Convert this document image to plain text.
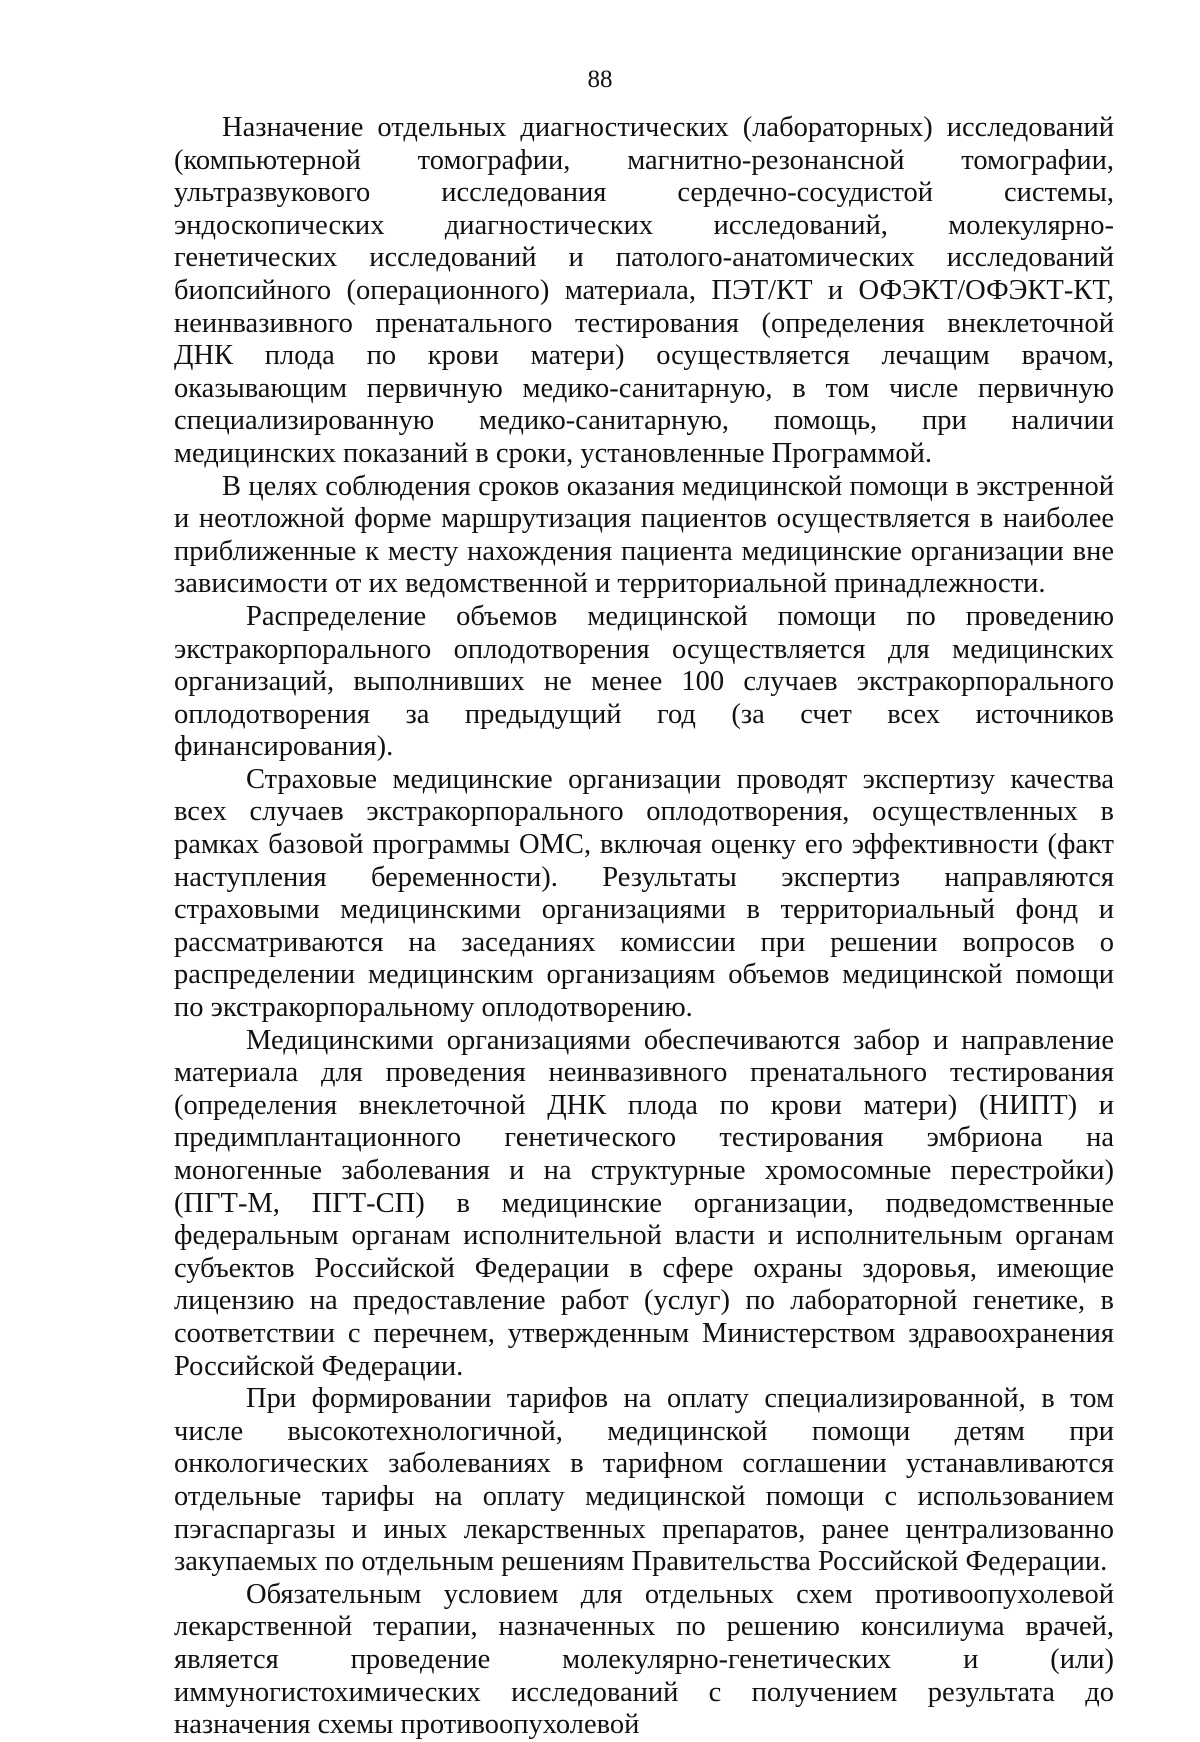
88

Назначение отдельных диагностических (лабораторных) исследований (компьютерной томографии, магнитно-резонансной томографии, ультразвукового исследования сердечно-сосудистой системы, эндоскопических диагностических исследований, молекулярно-генетических исследований и патолого-анатомических исследований биопсийного (операционного) материала, ПЭТ/КТ и ОФЭКТ/ОФЭКТ-КТ, неинвазивного пренатального тестирования (определения внеклеточной ДНК плода по крови матери) осуществляется лечащим врачом, оказывающим первичную медико-санитарную, в том числе первичную специализированную медико-санитарную, помощь, при наличии медицинских показаний в сроки, установленные Программой.

В целях соблюдения сроков оказания медицинской помощи в экстренной и неотложной форме маршрутизация пациентов осуществляется в наиболее приближенные к месту нахождения пациента медицинские организации вне зависимости от их ведомственной и территориальной принадлежности.

Распределение объемов медицинской помощи по проведению экстракорпорального оплодотворения осуществляется для медицинских организаций, выполнивших не менее 100 случаев экстракорпорального оплодотворения за предыдущий год (за счет всех источников финансирования).

Страховые медицинские организации проводят экспертизу качества всех случаев экстракорпорального оплодотворения, осуществленных в рамках базовой программы ОМС, включая оценку его эффективности (факт наступления беременности). Результаты экспертиз направляются страховыми медицинскими организациями в территориальный фонд и рассматриваются на заседаниях комиссии при решении вопросов о распределении медицинским организациям объемов медицинской помощи по экстракорпоральному оплодотворению.

Медицинскими организациями обеспечиваются забор и направление материала для проведения неинвазивного пренатального тестирования (определения внеклеточной ДНК плода по крови матери) (НИПТ) и предимплантационного генетического тестирования эмбриона на моногенные заболевания и на структурные хромосомные перестройки) (ПГТ-М, ПГТ-СП) в медицинские организации, подведомственные федеральным органам исполнительной власти и исполнительным органам субъектов Российской Федерации в сфере охраны здоровья, имеющие лицензию на предоставление работ (услуг) по лабораторной генетике, в соответствии с перечнем, утвержденным Министерством здравоохранения Российской Федерации.

При формировании тарифов на оплату специализированной, в том числе высокотехнологичной, медицинской помощи детям при онкологических заболеваниях в тарифном соглашении устанавливаются отдельные тарифы на оплату медицинской помощи с использованием пэгаспаргазы и иных лекарственных препаратов, ранее централизованно закупаемых по отдельным решениям Правительства Российской Федерации.

Обязательным условием для отдельных схем противоопухолевой лекарственной терапии, назначенных по решению консилиума врачей, является проведение молекулярно-генетических и (или) иммуногистохимических исследований с получением результата до назначения схемы противоопухолевой
